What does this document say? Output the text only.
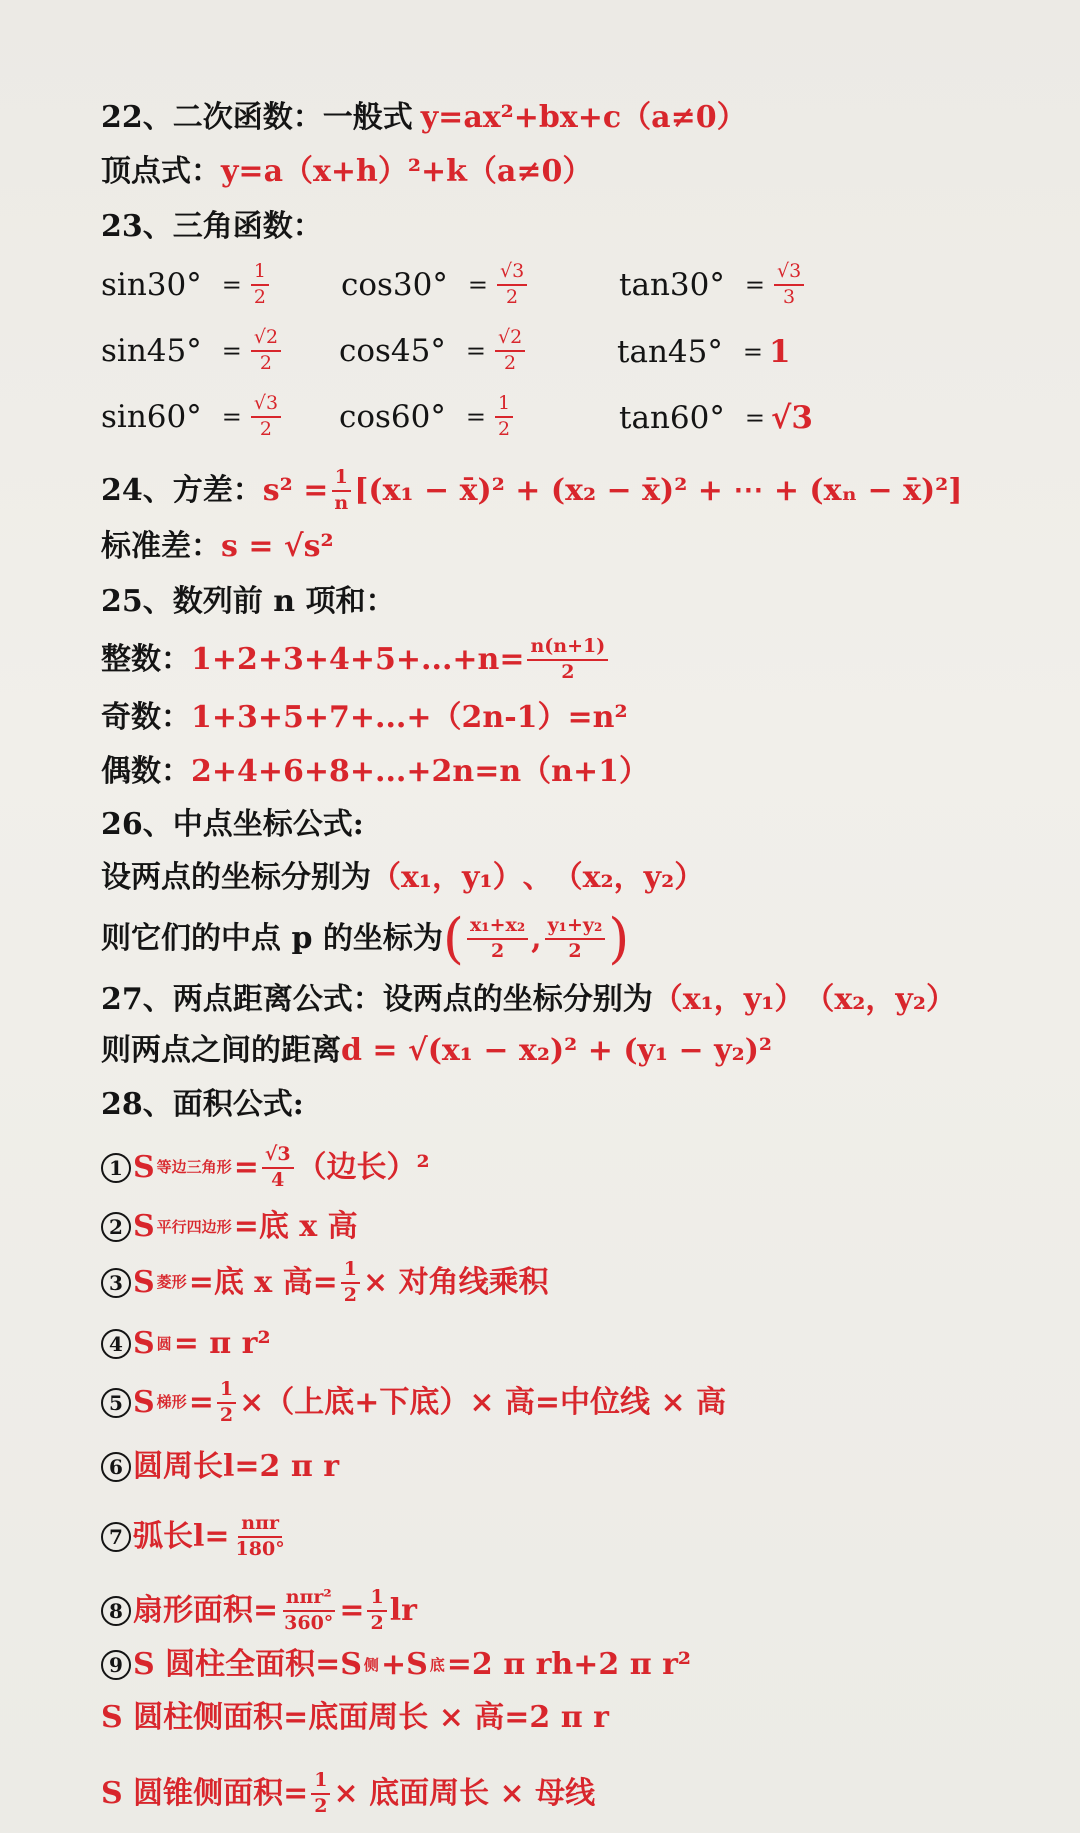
22、二次函数：一般式 y=ax²+bx+c（a≠0）
顶点式： y=a（x+h）²+k（a≠0）
23、三角函数：
$\sin 30^\circ = \frac{1}{2} \cos 30^\circ = \frac{√3}{2}$	$\tan 30^\circ = \frac{√3}{3}$
$\sin 45^\circ = \frac{√2}{2} \cos 45^\circ = \frac{√2}{2}$	tan45° = 1
$\sin 60^\circ = \frac{√3}{2} \cos 60^\circ = \frac{1}{2}$	tan60° = √3
24、方差： $s^2 = \frac{1}{n} [(x_1$ − x̄)² + (x₂ − x̄)² + ⋯ + (xₙ − x̄)²]
标准差： s = √s²
25、数列前 n 项和：
整数： $1+2+3+4+5+...+n= \frac{n(n+1)}{2}$
奇数： 1+3+5+7+...+（2n-1）=n²
偶数： 2+4+6+8+...+2n=n（n+1）
26、中点坐标公式:
设两点的坐标分别为 （x₁，y₁） 、 （x₂，y₂）
则它们的中点 p 的坐标为 ( $\frac{\text{x₁+x₂}}{2}$ , $\frac{\text{y₁+y₂}}{2}$ )
27、两点距离公式：设两点的坐标分别为 （x₁，y₁） （x₂，y₂）
则两点之间的距离 d = √(x₁ − x₂)² + (y₁ − y₂)²
28、面积公式:
1 S 等边三角形 = $\frac{√3}{4}$ （边长）²
2 S 平行四边形 =底 x 高
3 S 菱形 =底 x 高= $\frac{1}{2}$ × 对角线乘积
4 S 圆 = π r²
5 S 梯形 = $\frac{1}{2}$ ×（上底+下底）× 高=中位线 × 高
6 圆周长 l=2 π r
7 弧长 $l= \frac{\text{nπr}}{180^\circ}$
8 扇形面积= $\frac{\text{nπr²}}{360^\circ} = \frac{1}{2}$ lr
9 S 圆柱全面积=S 侧 +S 底 =2 π rh+2 π r²
S 圆柱侧面积=底面周长 × 高=2 π r
S 圆锥侧面积= $\frac{1}{2}$ × 底面周长 × 母线
